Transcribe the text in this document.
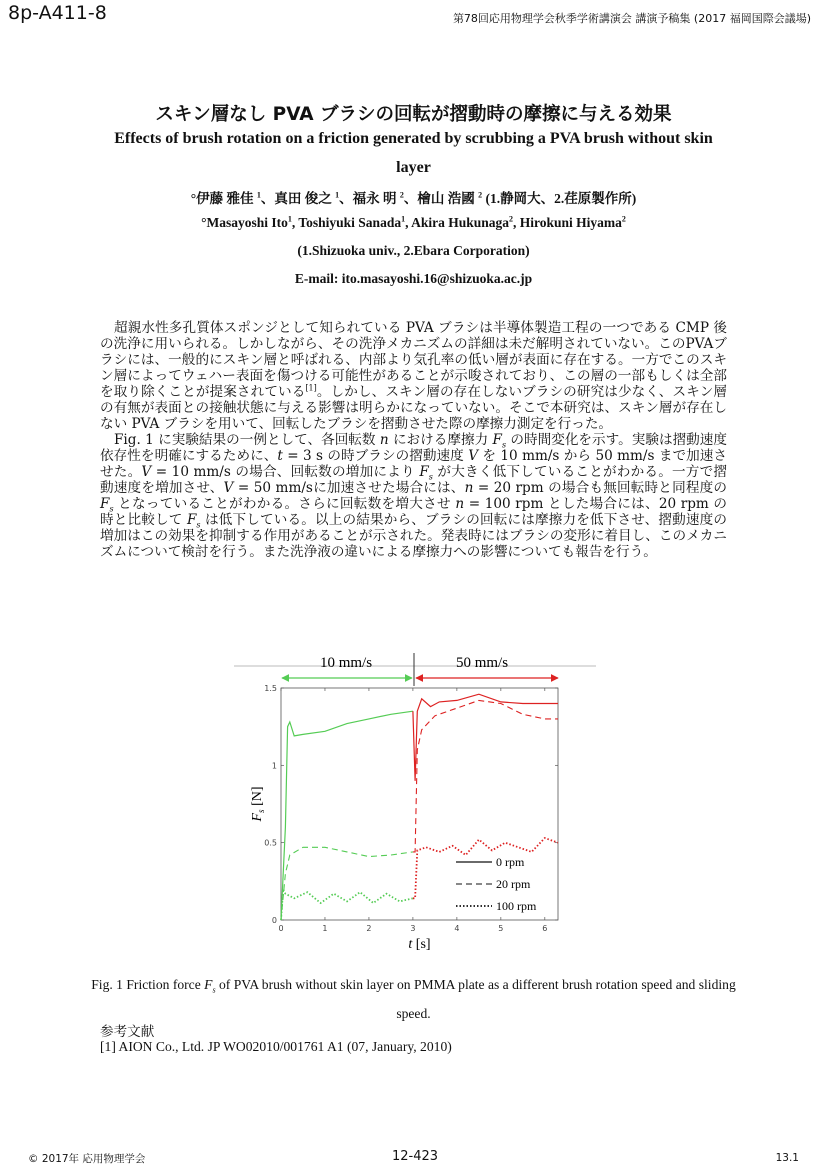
8p-A411-8	第78回応用物理学会秋季学術講演会 講演予稿集 (2017 福岡国際会議場)
スキン層なし PVA ブラシの回転が摺動時の摩擦に与える効果
Effects of brush rotation on a friction generated by scrubbing a PVA brush without skin
layer
°伊藤 雅佳 $^1$、真田 俊之 $^1$、福永 明 $^2$、檜山 浩國 $^2$ (1.静岡大、2.荏原製作所)
°Masayoshi Ito$^1$, Toshiyuki Sanada$^1$, Akira Hukunaga$^2$, Hirokuni Hiyama$^2$
(1.Shizuoka univ., 2.Ebara Corporation)
E-mail: ito.masayoshi.16@shizuoka.ac.jp

超親水性多孔質体スポンジとして知られている PVA ブラシは半導体製造工程の一つである CMP 後の洗浄に用いられる。しかしながら、その洗浄メカニズムの詳細は未だ解明されていない。このPVAブラシには、一般的にスキン層と呼ばれる、内部より気孔率の低い層が表面に存在する。一方でこのスキン層によってウェハー表面を傷つける可能性があることが示唆されており、この層の一部もしくは全部を取り除くことが提案されている[1]。しかし、スキン層の存在しないブラシの研究は少なく、スキン層の有無が表面との接触状態に与える影響は明らかになっていない。そこで本研究は、スキン層が存在しない PVA ブラシを用いて、回転したブラシを摺動させた際の摩擦力測定を行った。

Fig. 1 に実験結果の一例として、各回転数 n における摩擦力 $F_s$ の時間変化を示す。実験は摺動速度依存性を明確にするために、t = 3 s の時ブラシの摺動速度 V を 10 mm/s から 50 mm/s まで加速させた。V = 10 mm/s の場合、回転数の増加により $F_s$ が大きく低下していることがわかる。一方で摺動速度を増加させ、V = 50 mm/sに加速させた場合には、n = 20 rpm の場合も無回転時と同程度の $F_s$ となっていることがわかる。さらに回転数を増大させ n = 100 rpm とした場合には、20 rpm の時と比較して $F_s$ は低下している。以上の結果から、ブラシの回転には摩擦力を低下させ、摺動速度の増加はこの効果を抑制する作用があることが示された。発表時にはブラシの変形に着目し、このメカニズムについて検討を行う。また洗浄液の違いによる摩擦力への影響についても報告を行う。

10 mm/s	50 mm/s
0	1	2	3	4	5	6
0
0.5
1
1.5
t [s]
$F_s$ [N]
0 rpm
20 rpm
100 rpm
Fig. 1 Friction force $F_s$ of PVA brush without skin layer on PMMA plate as a different brush rotation speed and sliding speed.
参考文献
[1] AION Co., Ltd. JP WO02010/001761 A1 (07, January, 2010)
© 2017年 応用物理学会	12-423	13.1
